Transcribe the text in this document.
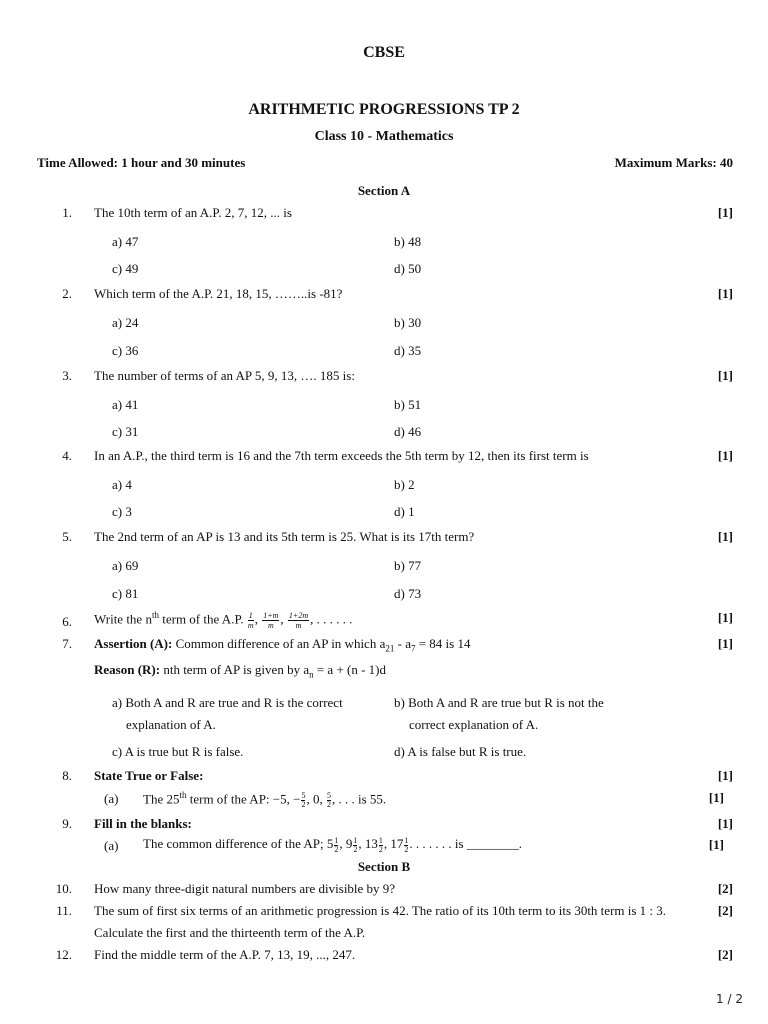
CBSE
ARITHMETIC PROGRESSIONS TP 2
Class 10 - Mathematics
Time Allowed: 1 hour and 30 minutes	Maximum Marks: 40
Section A
1. The 10th term of an A.P. 2, 7, 12, ... is	[1]
a) 47	b) 48
c) 49	d) 50
2. Which term of the A.P. 21, 18, 15, ……..is -81?	[1]
a) 24	b) 30
c) 36	d) 35
3. The number of terms of an AP 5, 9, 13, …. 185 is:	[1]
a) 41	b) 51
c) 31	d) 46
4. In an A.P., the third term is 16 and the 7th term exceeds the 5th term by 12, then its first term is	[1]
a) 4	b) 2
c) 3	d) 1
5. The 2nd term of an AP is 13 and its 5th term is 25. What is its 17th term?	[1]
a) 69	b) 77
c) 81	d) 73
6. Write the $n^{th}$ term of the A.P. $\frac{1}{m}$ , $\frac{1+m}{m}$ , $\frac{1+2m}{m}$ , . . . . . .	[1]
7. Assertion (A): Common difference of an AP in which $a_{21} - a_7 = 84$ is 14	[1]
Reason (R): nth term of AP is given by $a_n = a + (n - 1)d$
a) Both A and R are true and R is the correct
explanation of A.
b) Both A and R are true but R is not the
correct explanation of A.
c) A is true but R is false.	d) A is false but R is true.
8. State True or False:	[1]
(a) The 25th term of the AP: −5, − $\frac{5}{2}$ , 0, $\frac{5}{2}$ , . . . is 55.	[1]
9. Fill in the blanks:	[1]
(a) The common difference of the AP; $5 \frac{1}{2}$ , $9 \frac{1}{2}$ , $13 \frac{1}{2}$ , $17 \frac{1}{2}$ . . . . . . . is ________.	[1]
Section B
10. How many three-digit natural numbers are divisible by 9?	[2]
11. The sum of first six terms of an arithmetic progression is 42. The ratio of its 10th term to its 30th term is 1 : 3.	[2]
Calculate the first and the thirteenth term of the A.P.
12. Find the middle term of the A.P. 7, 13, 19, ..., 247.	[2]
1 / 2
